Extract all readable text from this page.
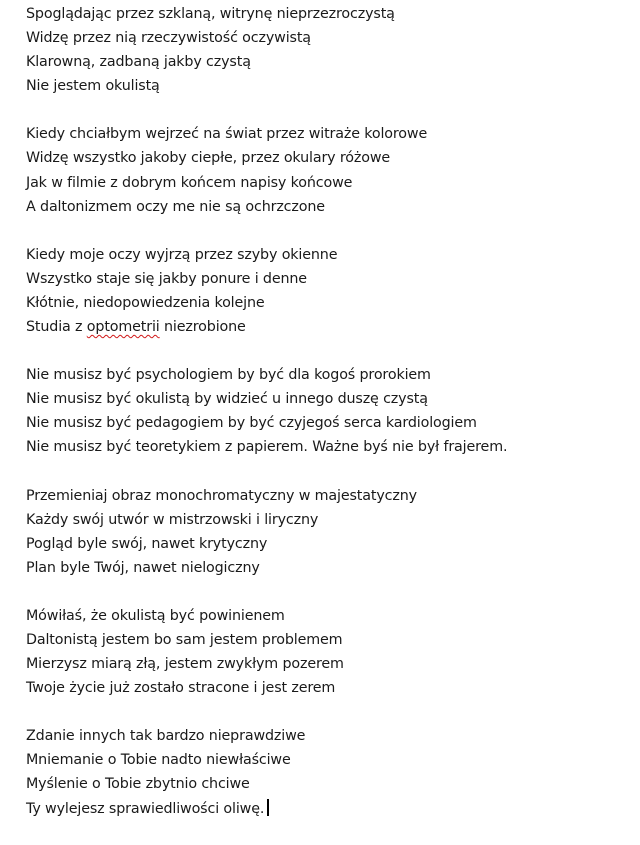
Spoglądając przez szklaną, witrynę nieprzezroczystą
Widzę przez nią rzeczywistość oczywistą
Klarowną, zadbaną jakby czystą
Nie jestem okulistą
Kiedy chciałbym wejrzeć na świat przez witraże kolorowe
Widzę wszystko jakoby ciepłe, przez okulary różowe
Jak w filmie z dobrym końcem napisy końcowe
A daltonizmem oczy me nie są ochrzczone
Kiedy moje oczy wyjrzą przez szyby okienne
Wszystko staje się jakby ponure i denne
Kłótnie, niedopowiedzenia kolejne
Studia z optometrii niezrobione
Nie musisz być psychologiem by być dla kogoś prorokiem
Nie musisz być okulistą by widzieć u innego duszę czystą
Nie musisz być pedagogiem by być czyjegoś serca kardiologiem
Nie musisz być teoretykiem z papierem. Ważne byś nie był frajerem.
Przemieniaj obraz monochromatyczny w majestatyczny
Każdy swój utwór w mistrzowski i liryczny
Pogląd byle swój, nawet krytyczny
Plan byle Twój, nawet nielogiczny
Mówiłaś, że okulistą być powinienem
Daltonistą jestem bo sam jestem problemem
Mierzysz miarą złą, jestem zwykłym pozerem
Twoje życie już zostało stracone i jest zerem
Zdanie innych tak bardzo nieprawdziwe
Mniemanie o Tobie nadto niewłaściwe
Myślenie o Tobie zbytnio chciwe
Ty wylejesz sprawiedliwości oliwę.
